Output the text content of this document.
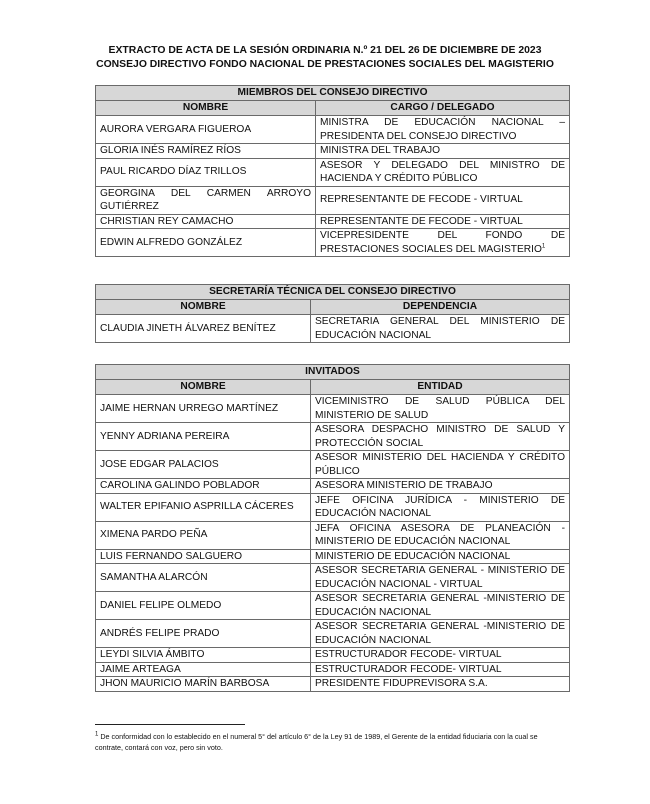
EXTRACTO DE ACTA DE LA SESIÓN ORDINARIA N.º 21 DEL 26 DE DICIEMBRE DE 2023
CONSEJO DIRECTIVO FONDO NACIONAL DE PRESTACIONES SOCIALES DEL MAGISTERIO
MIEMBROS DEL CONSEJO DIRECTIVO	
NOMBRE	CARGO / DELEGADO
AURORA VERGARA FIGUEROA	MINISTRA DE EDUCACIÓN NACIONAL – PRESIDENTA DEL CONSEJO DIRECTIVO
GLORIA INÉS RAMÍREZ RÍOS	MINISTRA DEL TRABAJO
PAUL RICARDO DÍAZ TRILLOS	ASESOR Y DELEGADO DEL MINISTRO DE HACIENDA Y CRÉDITO PÚBLICO
GEORGINA DEL CARMEN ARROYO GUTIÉRREZ	REPRESENTANTE DE FECODE - VIRTUAL
CHRISTIAN REY CAMACHO	REPRESENTANTE DE FECODE - VIRTUAL
EDWIN ALFREDO GONZÁLEZ	VICEPRESIDENTE DEL FONDO DE PRESTACIONES SOCIALES DEL MAGISTERIO$^1$
SECRETARÍA TÉCNICA DEL CONSEJO DIRECTIVO	
NOMBRE	DEPENDENCIA
CLAUDIA JINETH ÁLVAREZ BENÍTEZ	SECRETARIA GENERAL DEL MINISTERIO DE EDUCACIÓN NACIONAL
INVITADOS	
NOMBRE	ENTIDAD
JAIME HERNAN URREGO MARTÍNEZ	VICEMINISTRO DE SALUD PÚBLICA DEL MINISTERIO DE SALUD
YENNY ADRIANA PEREIRA	ASESORA DESPACHO MINISTRO DE SALUD Y PROTECCIÓN SOCIAL
JOSE EDGAR PALACIOS	ASESOR MINISTERIO DEL HACIENDA Y CRÉDITO PÚBLICO
CAROLINA GALINDO POBLADOR	ASESORA MINISTERIO DE TRABAJO
WALTER EPIFANIO ASPRILLA CÁCERES	JEFE OFICINA JURÍDICA - MINISTERIO DE EDUCACIÓN NACIONAL
XIMENA PARDO PEÑA	JEFA OFICINA ASESORA DE PLANEACIÓN - MINISTERIO DE EDUCACIÓN NACIONAL
LUIS FERNANDO SALGUERO	MINISTERIO DE EDUCACIÓN NACIONAL
SAMANTHA ALARCÓN	ASESOR SECRETARIA GENERAL - MINISTERIO DE EDUCACIÓN NACIONAL - VIRTUAL
DANIEL FELIPE OLMEDO	ASESOR SECRETARIA GENERAL -MINISTERIO DE EDUCACIÓN NACIONAL
ANDRÉS FELIPE PRADO	ASESOR SECRETARIA GENERAL -MINISTERIO DE EDUCACIÓN NACIONAL
LEYDI SILVIA ÁMBITO	ESTRUCTURADOR FECODE- VIRTUAL
JAIME ARTEAGA	ESTRUCTURADOR FECODE- VIRTUAL
JHON MAURICIO MARÍN BARBOSA	PRESIDENTE FIDUPREVISORA S.A.
$^1$ De conformidad con lo establecido en el numeral 5° del artículo 6° de la Ley 91 de 1989, el Gerente de la entidad fiduciaria con la cual se contrate, contará con voz, pero sin voto.
